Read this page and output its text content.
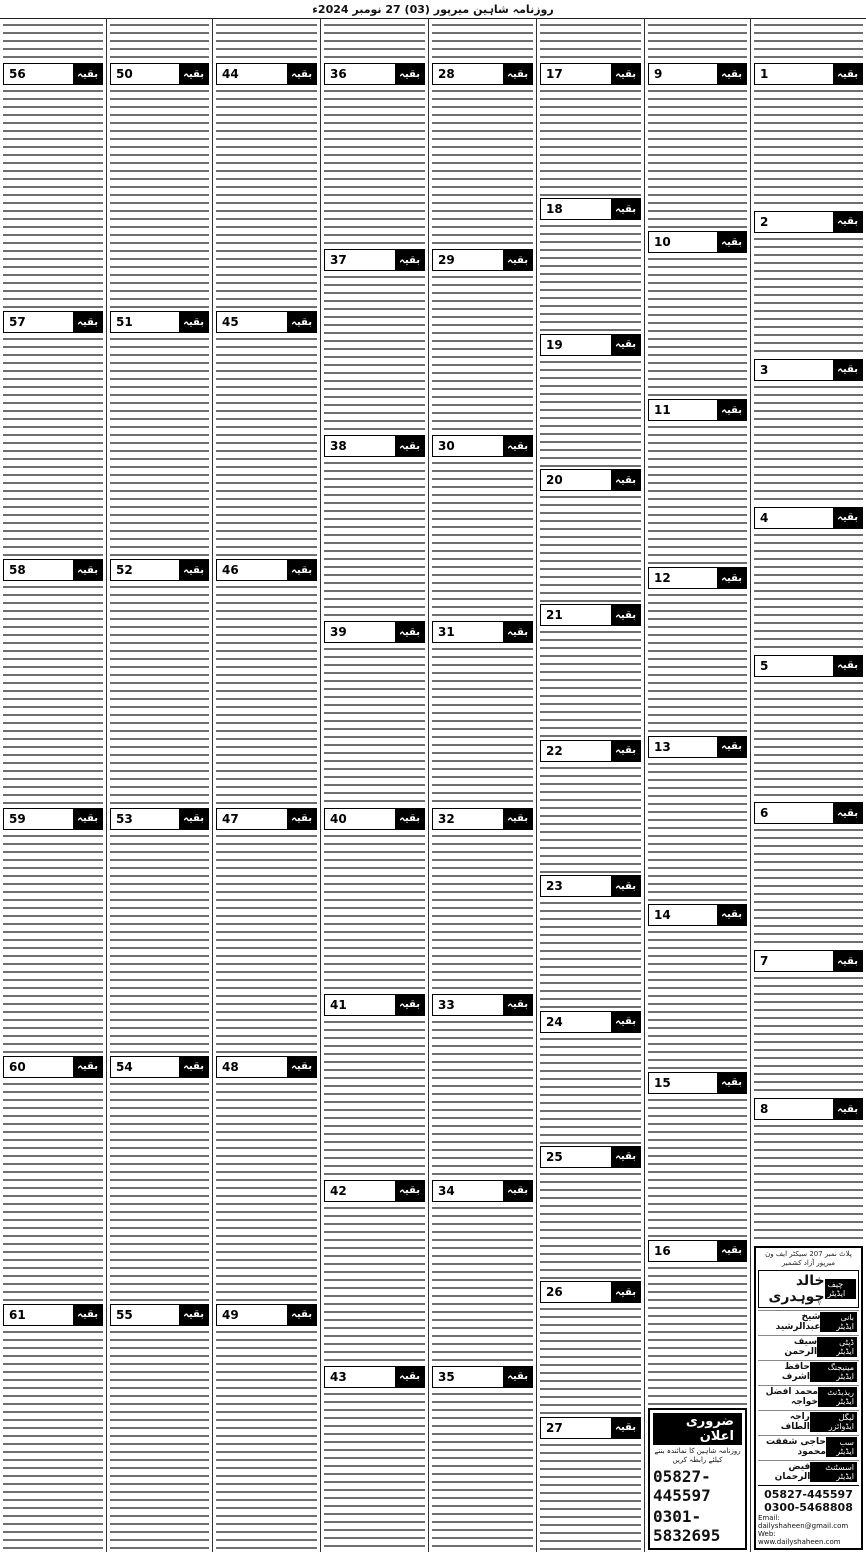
روزنامہ شاہین میرپور (03) 27 نومبر 2024ء
بقیہ
1
بقیہ
2
بقیہ
3
بقیہ
4
بقیہ
5
بقیہ
6
بقیہ
7
بقیہ
8
پلاٹ نمبر 207 سیکٹر ایف ون میرپور آزاد کشمیر
چیف ایڈیٹر
خالد چوہدری
بانی ایڈیٹر
شیخ عبدالرشید
ڈپٹی ایڈیٹر
سیف الرحمن
مینیجنگ ایڈیٹر
حافظ اشرف
ریذیڈنٹ ایڈیٹر
محمد افضل خواجہ
لیگل ایڈوائزر
راجہ الطاف
سب ایڈیٹر
حاجی شفقت محمود
اسسٹنٹ ایڈیٹر
فیض الرحمان
05827-445597
0300-5468808
Email: dailyshaheen@gmail.com
Web: www.dailyshaheen.com
بقیہ
9
بقیہ
10
بقیہ
11
بقیہ
12
بقیہ
13
بقیہ
14
بقیہ
15
بقیہ
16
ضروری اعلان
روزنامہ شاہین کا نمائندہ بننے کیلئے رابطہ کریں
05827-445597
0301-5832695
بقیہ
17
بقیہ
18
بقیہ
19
بقیہ
20
بقیہ
21
بقیہ
22
بقیہ
23
بقیہ
24
بقیہ
25
بقیہ
26
بقیہ
27
بقیہ
28
بقیہ
29
بقیہ
30
بقیہ
31
بقیہ
32
بقیہ
33
بقیہ
34
بقیہ
35
بقیہ
36
بقیہ
37
بقیہ
38
بقیہ
39
بقیہ
40
بقیہ
41
بقیہ
42
بقیہ
43
بقیہ
44
بقیہ
45
بقیہ
46
بقیہ
47
بقیہ
48
بقیہ
49
بقیہ
50
بقیہ
51
بقیہ
52
بقیہ
53
بقیہ
54
بقیہ
55
بقیہ
56
بقیہ
57
بقیہ
58
بقیہ
59
بقیہ
60
بقیہ
61
